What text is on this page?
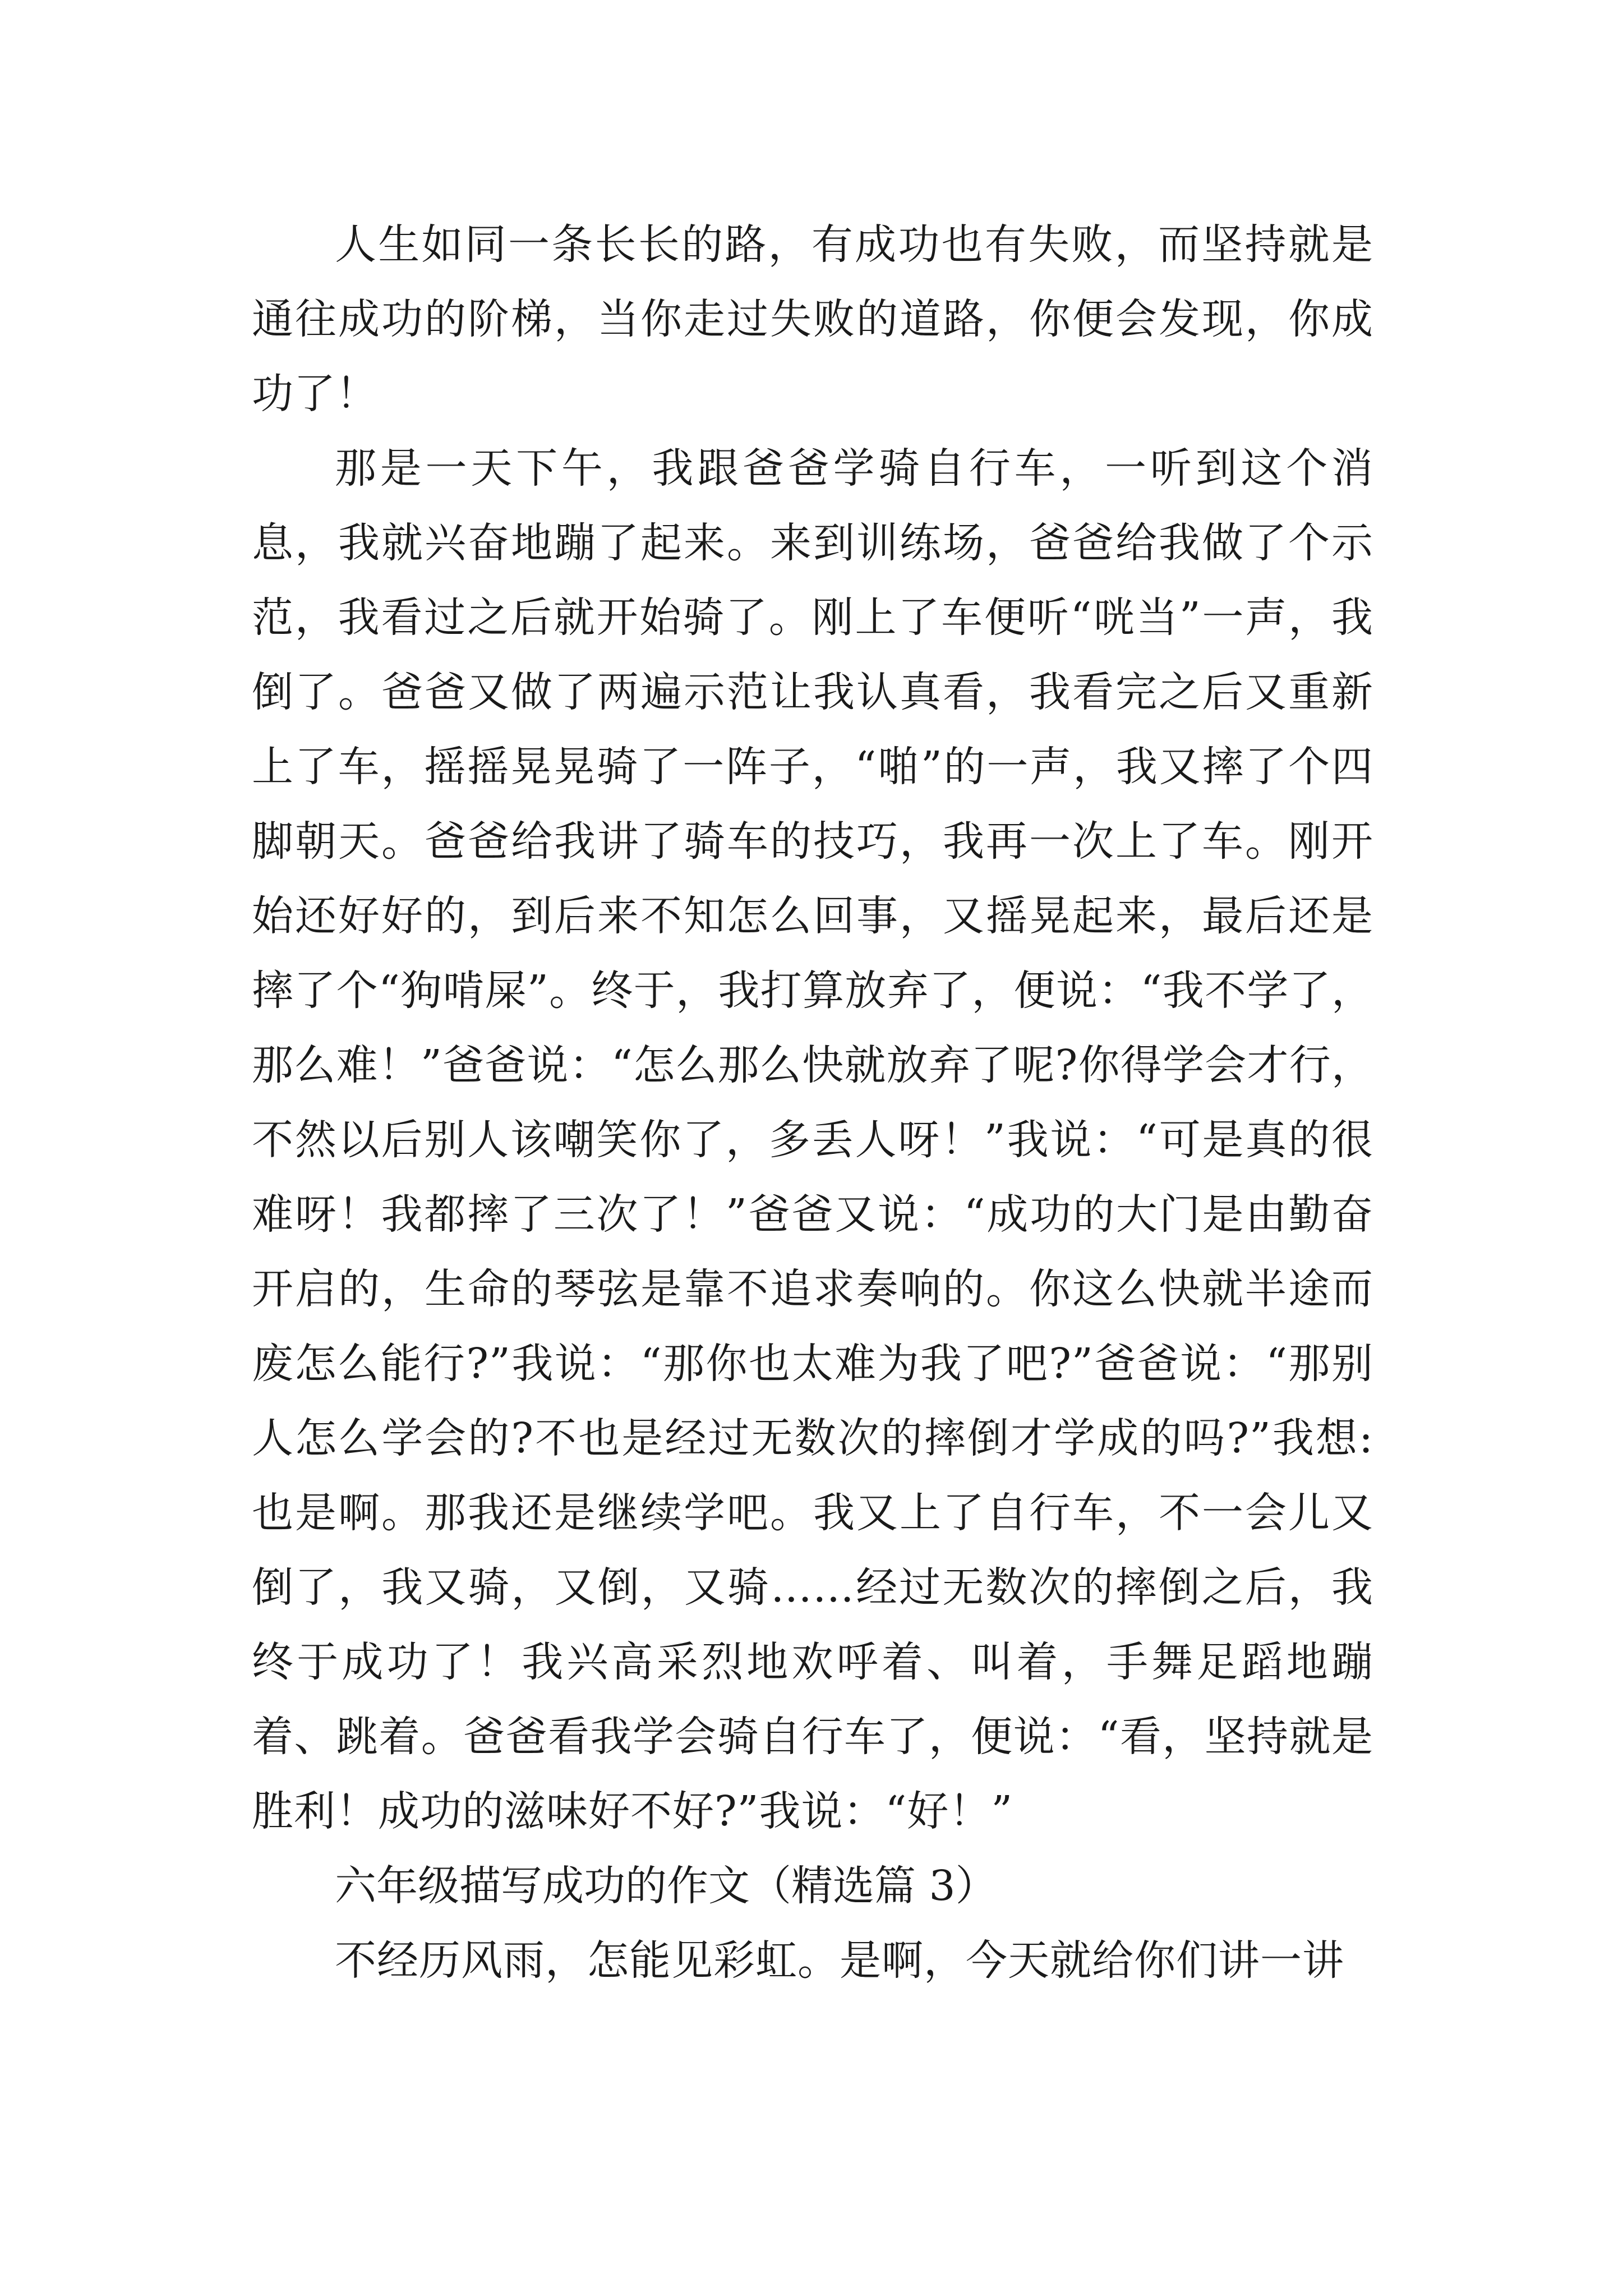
人生如同一条长长的路，有成功也有失败，而坚持就是通往成功的阶梯，当你走过失败的道路，你便会发现，你成功了！

那是一天下午，我跟爸爸学骑自行车，一听到这个消息，我就兴奋地蹦了起来。来到训练场，爸爸给我做了个示范，我看过之后就开始骑了。刚上了车便听“咣当”一声，我倒了。爸爸又做了两遍示范让我认真看，我看完之后又重新上了车，摇摇晃晃骑了一阵子，“啪”的一声，我又摔了个四脚朝天。爸爸给我讲了骑车的技巧，我再一次上了车。刚开始还好好的，到后来不知怎么回事，又摇晃起来，最后还是摔了个“狗啃屎”。终于，我打算放弃了，便说：“我不学了，那么难！”爸爸说：“怎么那么快就放弃了呢?你得学会才行，不然以后别人该嘲笑你了，多丢人呀！”我说：“可是真的很难呀！我都摔了三次了！”爸爸又说：“成功的大门是由勤奋开启的，生命的琴弦是靠不追求奏响的。你这么快就半途而废怎么能行?”我说：“那你也太难为我了吧?”爸爸说：“那别人怎么学会的?不也是经过无数次的摔倒才学成的吗?”我想:也是啊。那我还是继续学吧。我又上了自行车，不一会儿又倒了，我又骑，又倒，又骑……经过无数次的摔倒之后，我终于成功了！我兴高采烈地欢呼着、叫着，手舞足蹈地蹦着、跳着。爸爸看我学会骑自行车了，便说：“看，坚持就是胜利！成功的滋味好不好?”我说：“好！”

六年级描写成功的作文（精选篇 3）

不经历风雨，怎能见彩虹。是啊，今天就给你们讲一讲
